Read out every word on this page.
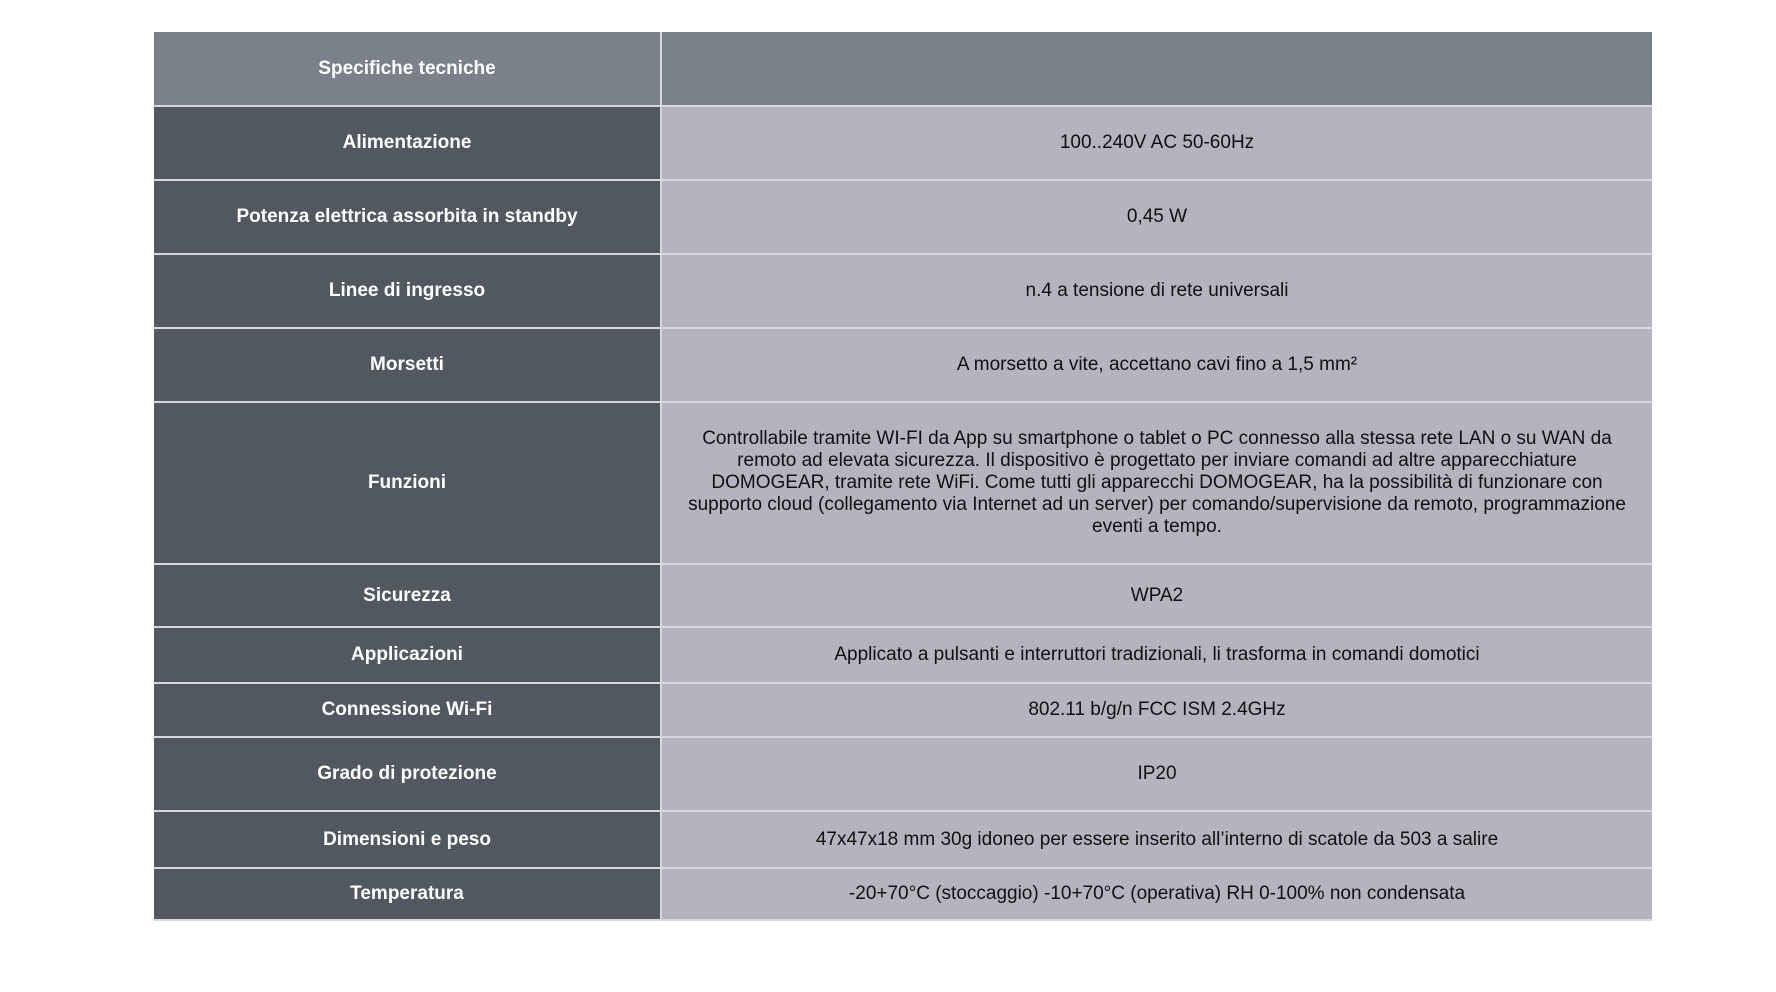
Specifiche tecniche	
Alimentazione	100..240V AC 50-60Hz
Potenza elettrica assorbita in standby	0,45 W
Linee di ingresso	n.4 a tensione di rete universali
Morsetti	A morsetto a vite, accettano cavi fino a 1,5 mm²
Funzioni	Controllabile tramite WI-FI da App su smartphone o tablet o PC connesso alla stessa rete LAN o su WAN da remoto ad elevata sicurezza. Il dispositivo è progettato per inviare comandi ad altre apparecchiature DOMOGEAR, tramite rete WiFi. Come tutti gli apparecchi DOMOGEAR, ha la possibilità di funzionare con supporto cloud (collegamento via Internet ad un server) per comando/supervisione da remoto, programmazione eventi a tempo.
Sicurezza	WPA2
Applicazioni	Applicato a pulsanti e interruttori tradizionali, li trasforma in comandi domotici
Connessione Wi-Fi	802.11 b/g/n FCC ISM 2.4GHz
Grado di protezione	IP20
Dimensioni e peso	47x47x18 mm 30g idoneo per essere inserito all’interno di scatole da 503 a salire
Temperatura	-20+70°C (stoccaggio) -10+70°C (operativa) RH 0-100% non condensata
